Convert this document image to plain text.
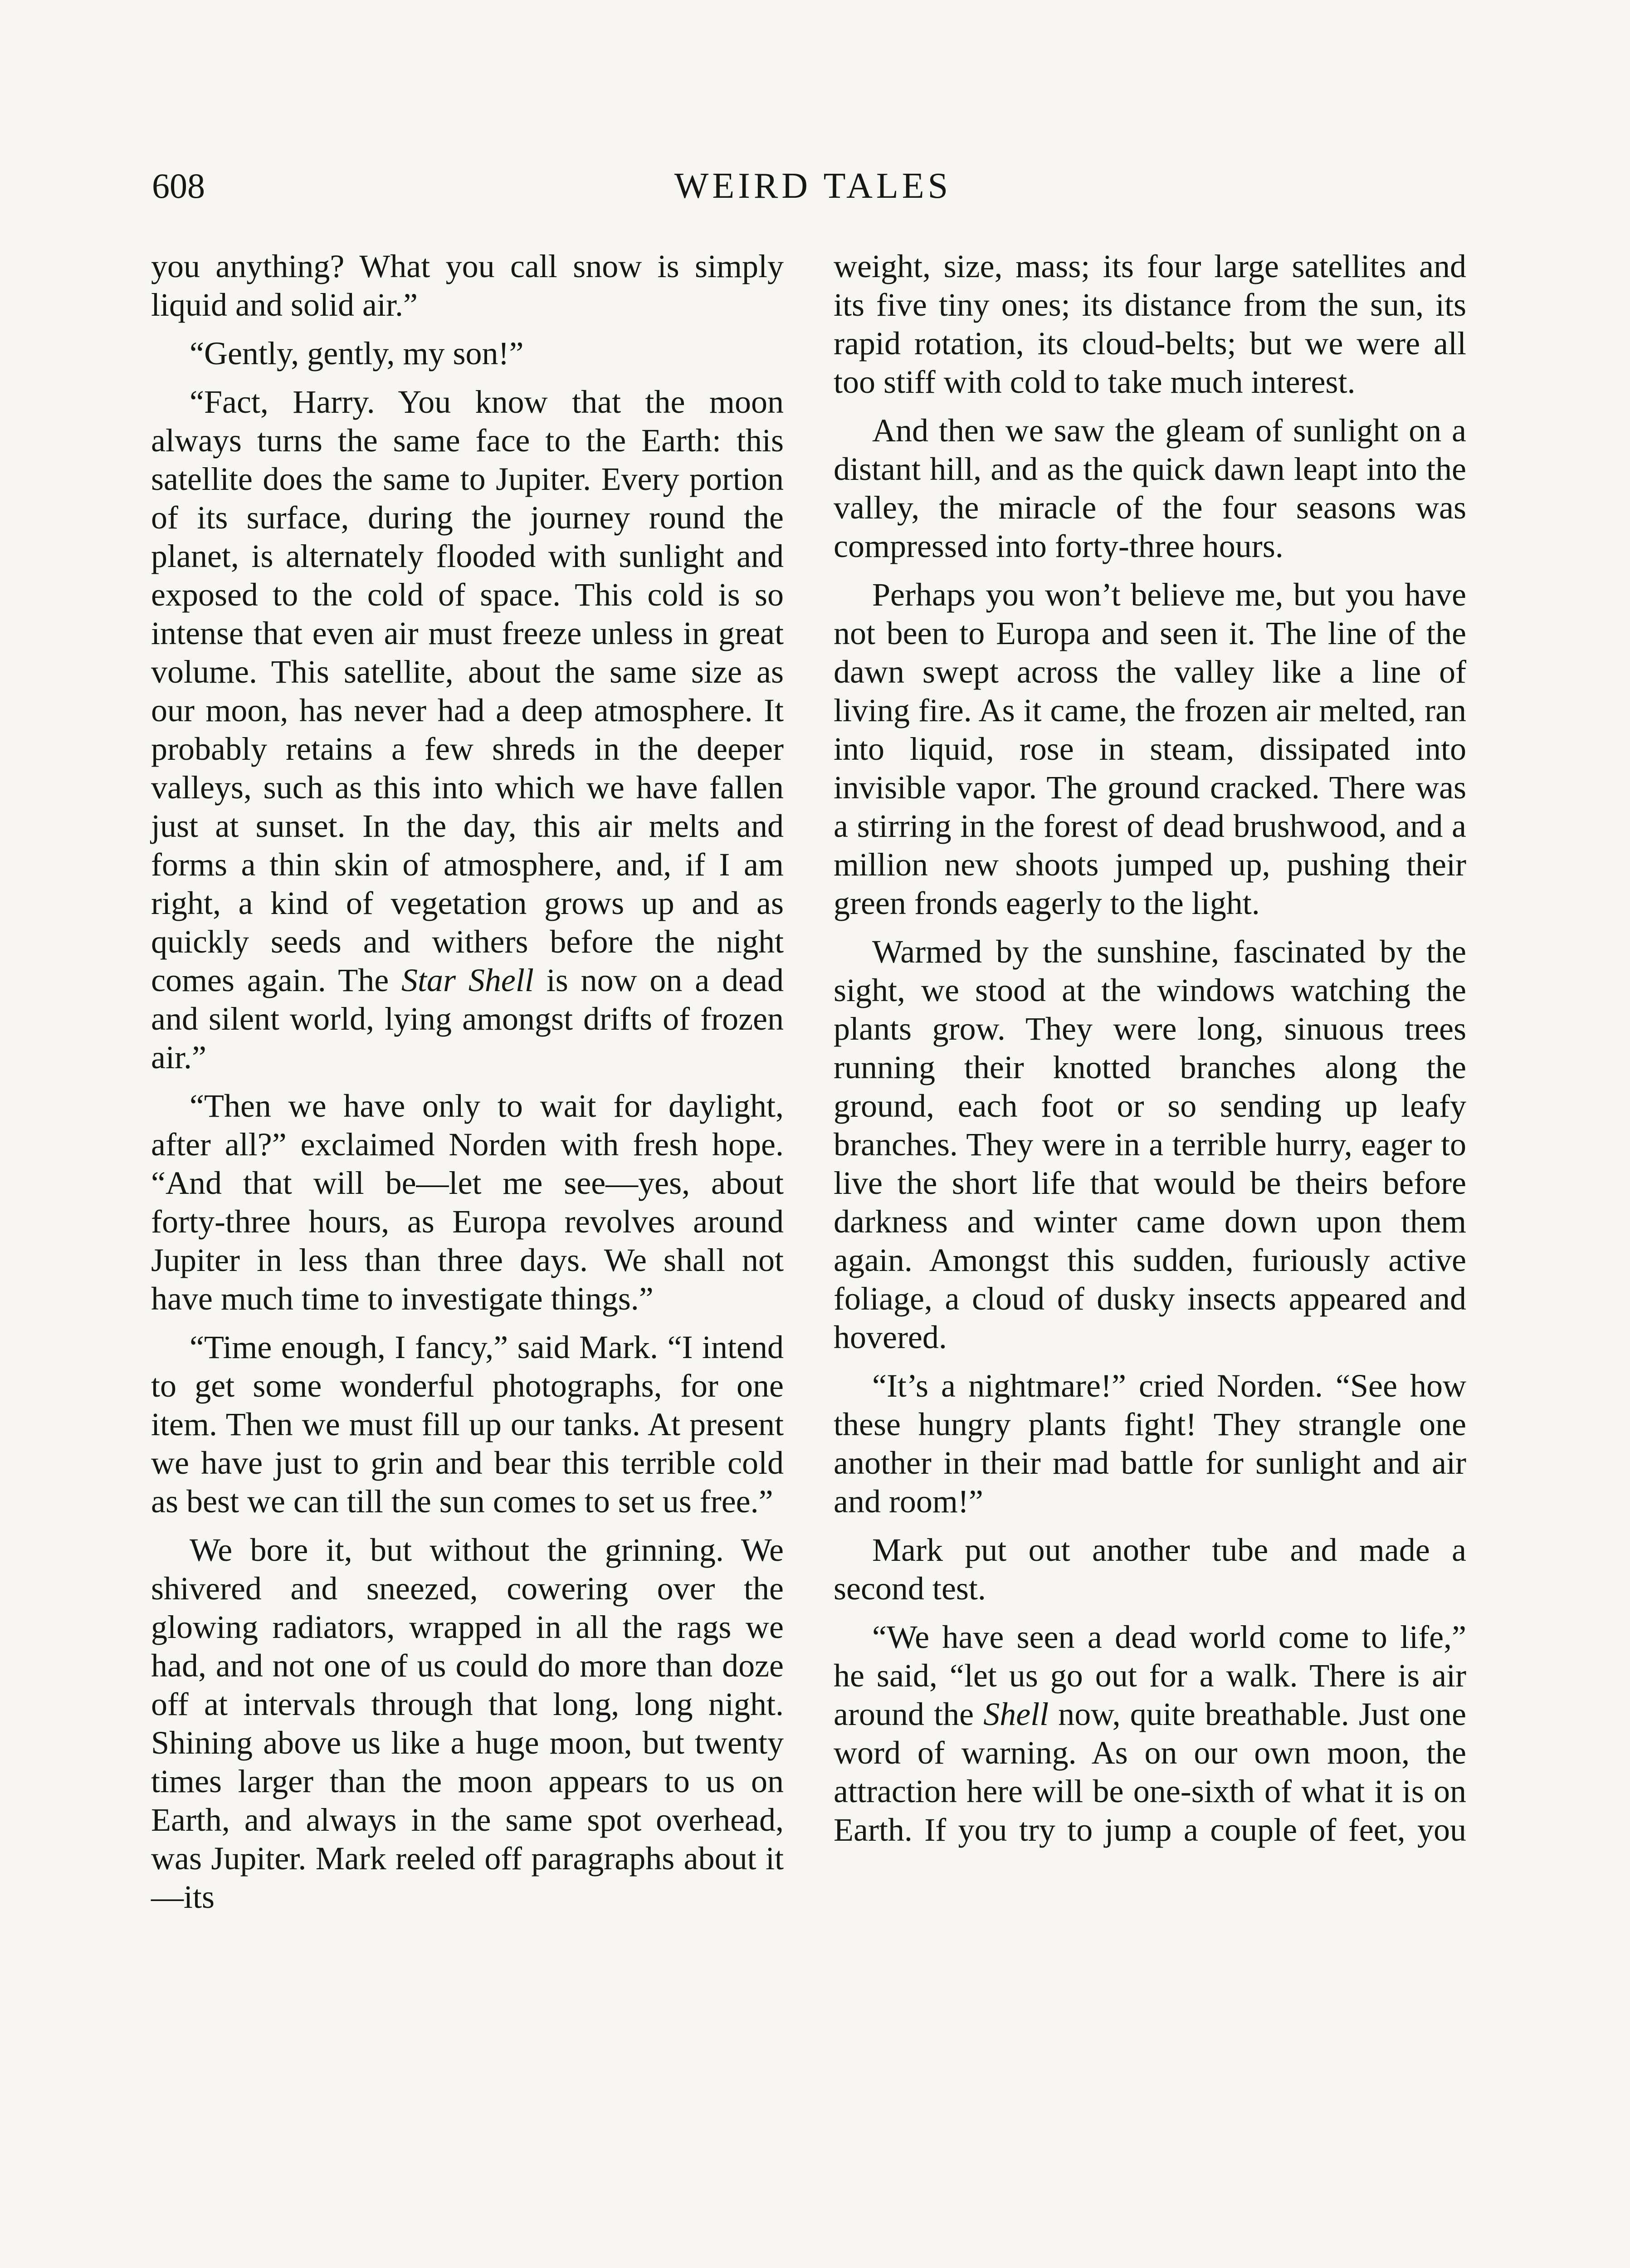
608	WEIRD TALES

you anything? What you call snow is simply liquid and solid air.”

“Gently, gently, my son!”

“Fact, Harry. You know that the moon always turns the same face to the Earth: this satellite does the same to Jupiter. Every portion of its surface, during the journey round the planet, is alternately flooded with sunlight and exposed to the cold of space. This cold is so intense that even air must freeze unless in great volume. This satellite, about the same size as our moon, has never had a deep atmosphere. It probably retains a few shreds in the deeper valleys, such as this into which we have fallen just at sunset. In the day, this air melts and forms a thin skin of atmosphere, and, if I am right, a kind of vegetation grows up and as quickly seeds and withers before the night comes again. The Star Shell is now on a dead and silent world, lying amongst drifts of frozen air.”

“Then we have only to wait for daylight, after all?” exclaimed Norden with fresh hope. “And that will be—let me see—yes, about forty-three hours, as Europa revolves around Jupiter in less than three days. We shall not have much time to investigate things.”

“Time enough, I fancy,” said Mark. “I intend to get some wonderful photographs, for one item. Then we must fill up our tanks. At present we have just to grin and bear this terrible cold as best we can till the sun comes to set us free.”

We bore it, but without the grinning. We shivered and sneezed, cowering over the glowing radiators, wrapped in all the rags we had, and not one of us could do more than doze off at intervals through that long, long night. Shining above us like a huge moon, but twenty times larger than the moon appears to us on Earth, and always in the same spot overhead, was Jupiter. Mark reeled off paragraphs about it—its

weight, size, mass; its four large satellites and its five tiny ones; its distance from the sun, its rapid rotation, its cloud-belts; but we were all too stiff with cold to take much interest.

And then we saw the gleam of sunlight on a distant hill, and as the quick dawn leapt into the valley, the miracle of the four seasons was compressed into forty-three hours.

Perhaps you won’t believe me, but you have not been to Europa and seen it. The line of the dawn swept across the valley like a line of living fire. As it came, the frozen air melted, ran into liquid, rose in steam, dissipated into invisible vapor. The ground cracked. There was a stirring in the forest of dead brushwood, and a million new shoots jumped up, pushing their green fronds eagerly to the light.

Warmed by the sunshine, fascinated by the sight, we stood at the windows watching the plants grow. They were long, sinuous trees running their knotted branches along the ground, each foot or so sending up leafy branches. They were in a terrible hurry, eager to live the short life that would be theirs before darkness and winter came down upon them again. Amongst this sudden, furiously active foliage, a cloud of dusky insects appeared and hovered.

“It’s a nightmare!” cried Norden. “See how these hungry plants fight! They strangle one another in their mad battle for sunlight and air and room!”

Mark put out another tube and made a second test.

“We have seen a dead world come to life,” he said, “let us go out for a walk. There is air around the Shell now, quite breathable. Just one word of warning. As on our own moon, the attraction here will be one-sixth of what it is on Earth. If you try to jump a couple of feet, you
